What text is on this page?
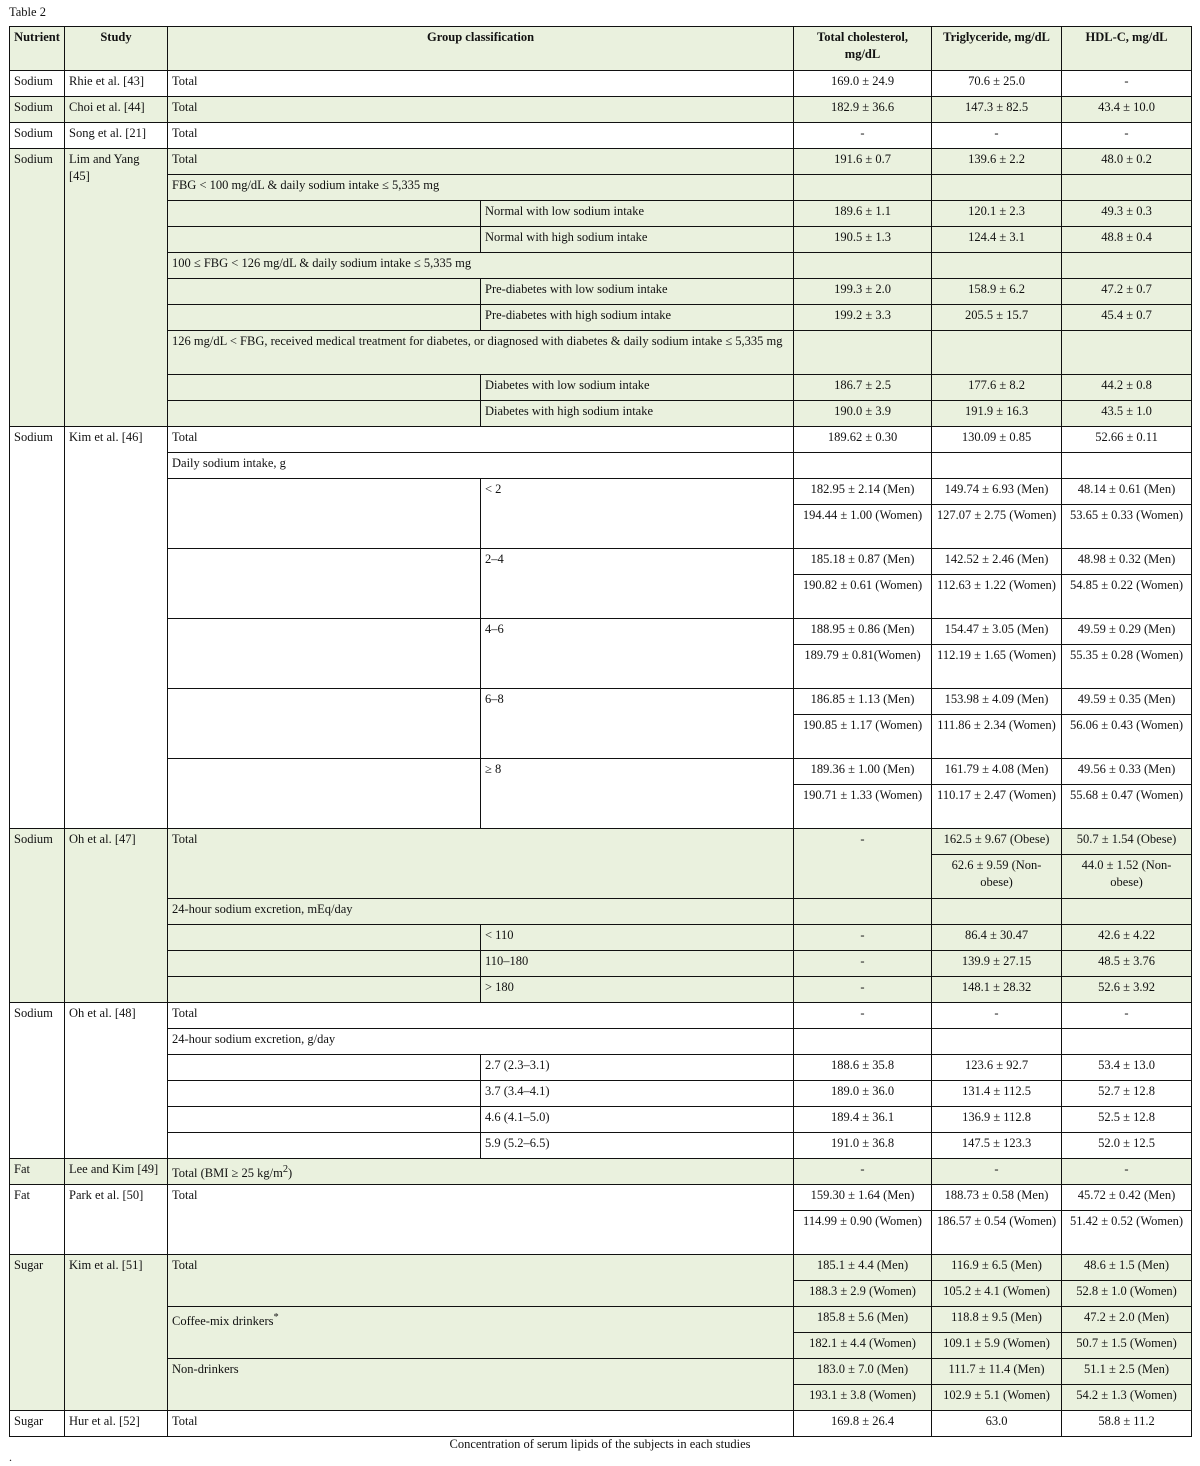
Table 2
Nutrient	Study	Group classification		Total cholesterol, mg/dL	Triglyceride, mg/dL	HDL-C, mg/dL
Sodium	Rhie et al. [43]	Total		169.0 ± 24.9	70.6 ± 25.0	-
Sodium	Choi et al. [44]	Total		182.9 ± 36.6	147.3 ± 82.5	43.4 ± 10.0
Sodium	Song et al. [21]	Total		-	-	-
Sodium	Lim and Yang [45]	Total		191.6 ± 0.7	139.6 ± 2.2	48.0 ± 0.2
		FBG < 100 mg/dL & daily sodium intake ≤ 5,335 mg				
			Normal with low sodium intake	189.6 ± 1.1	120.1 ± 2.3	49.3 ± 0.3
			Normal with high sodium intake	190.5 ± 1.3	124.4 ± 3.1	48.8 ± 0.4
		100 ≤ FBG < 126 mg/dL & daily sodium intake ≤ 5,335 mg				
			Pre-diabetes with low sodium intake	199.3 ± 2.0	158.9 ± 6.2	47.2 ± 0.7
			Pre-diabetes with high sodium intake	199.2 ± 3.3	205.5 ± 15.7	45.4 ± 0.7
		126 mg/dL < FBG, received medical treatment for diabetes, or diagnosed with diabetes & daily sodium intake ≤ 5,335 mg				
			Diabetes with low sodium intake	186.7 ± 2.5	177.6 ± 8.2	44.2 ± 0.8
			Diabetes with high sodium intake	190.0 ± 3.9	191.9 ± 16.3	43.5 ± 1.0
Sodium	Kim et al. [46]	Total		189.62 ± 0.30	130.09 ± 0.85	52.66 ± 0.11
		Daily sodium intake, g				
			< 2	182.95 ± 2.14 (Men)	149.74 ± 6.93 (Men)	48.14 ± 0.61 (Men)
				194.44 ± 1.00 (Women)	127.07 ± 2.75 (Women)	53.65 ± 0.33 (Women)
			2–4	185.18 ± 0.87 (Men)	142.52 ± 2.46 (Men)	48.98 ± 0.32 (Men)
				190.82 ± 0.61 (Women)	112.63 ± 1.22 (Women)	54.85 ± 0.22 (Women)
			4–6	188.95 ± 0.86 (Men)	154.47 ± 3.05 (Men)	49.59 ± 0.29 (Men)
				189.79 ± 0.81(Women)	112.19 ± 1.65 (Women)	55.35 ± 0.28 (Women)
			6–8	186.85 ± 1.13 (Men)	153.98 ± 4.09 (Men)	49.59 ± 0.35 (Men)
				190.85 ± 1.17 (Women)	111.86 ± 2.34 (Women)	56.06 ± 0.43 (Women)
			≥ 8	189.36 ± 1.00 (Men)	161.79 ± 4.08 (Men)	49.56 ± 0.33 (Men)
				190.71 ± 1.33 (Women)	110.17 ± 2.47 (Women)	55.68 ± 0.47 (Women)
Sodium	Oh et al. [47]	Total		-	162.5 ± 9.67 (Obese)	50.7 ± 1.54 (Obese)
					62.6 ± 9.59 (Non-obese)	44.0 ± 1.52 (Non-obese)
		24-hour sodium excretion, mEq/day				
			< 110	-	86.4 ± 30.47	42.6 ± 4.22
			110–180	-	139.9 ± 27.15	48.5 ± 3.76
			> 180	-	148.1 ± 28.32	52.6 ± 3.92
Sodium	Oh et al. [48]	Total		-	-	-
		24-hour sodium excretion, g/day				
			2.7 (2.3–3.1)	188.6 ± 35.8	123.6 ± 92.7	53.4 ± 13.0
			3.7 (3.4–4.1)	189.0 ± 36.0	131.4 ± 112.5	52.7 ± 12.8
			4.6 (4.1–5.0)	189.4 ± 36.1	136.9 ± 112.8	52.5 ± 12.8
			5.9 (5.2–6.5)	191.0 ± 36.8	147.5 ± 123.3	52.0 ± 12.5
Fat	Lee and Kim [49]	Total (BMI ≥ 25 $kg/m^2$)		-	-	-
Fat	Park et al. [50]	Total		159.30 ± 1.64 (Men)	188.73 ± 0.58 (Men)	45.72 ± 0.42 (Men)
				114.99 ± 0.90 (Women)	186.57 ± 0.54 (Women)	51.42 ± 0.52 (Women)
Sugar	Kim et al. [51]	Total		185.1 ± 4.4 (Men)	116.9 ± 6.5 (Men)	48.6 ± 1.5 (Men)
				188.3 ± 2.9 (Women)	105.2 ± 4.1 (Women)	52.8 ± 1.0 (Women)
		Coffee-mix drinkers*		185.8 ± 5.6 (Men)	118.8 ± 9.5 (Men)	47.2 ± 2.0 (Men)
				182.1 ± 4.4 (Women)	109.1 ± 5.9 (Women)	50.7 ± 1.5 (Women)
		Non-drinkers		183.0 ± 7.0 (Men)	111.7 ± 11.4 (Men)	51.1 ± 2.5 (Men)
				193.1 ± 3.8 (Women)	102.9 ± 5.1 (Women)	54.2 ± 1.3 (Women)
Sugar	Hur et al. [52]	Total		169.8 ± 26.4	63.0	58.8 ± 11.2
Concentration of serum lipids of the subjects in each studies
.
